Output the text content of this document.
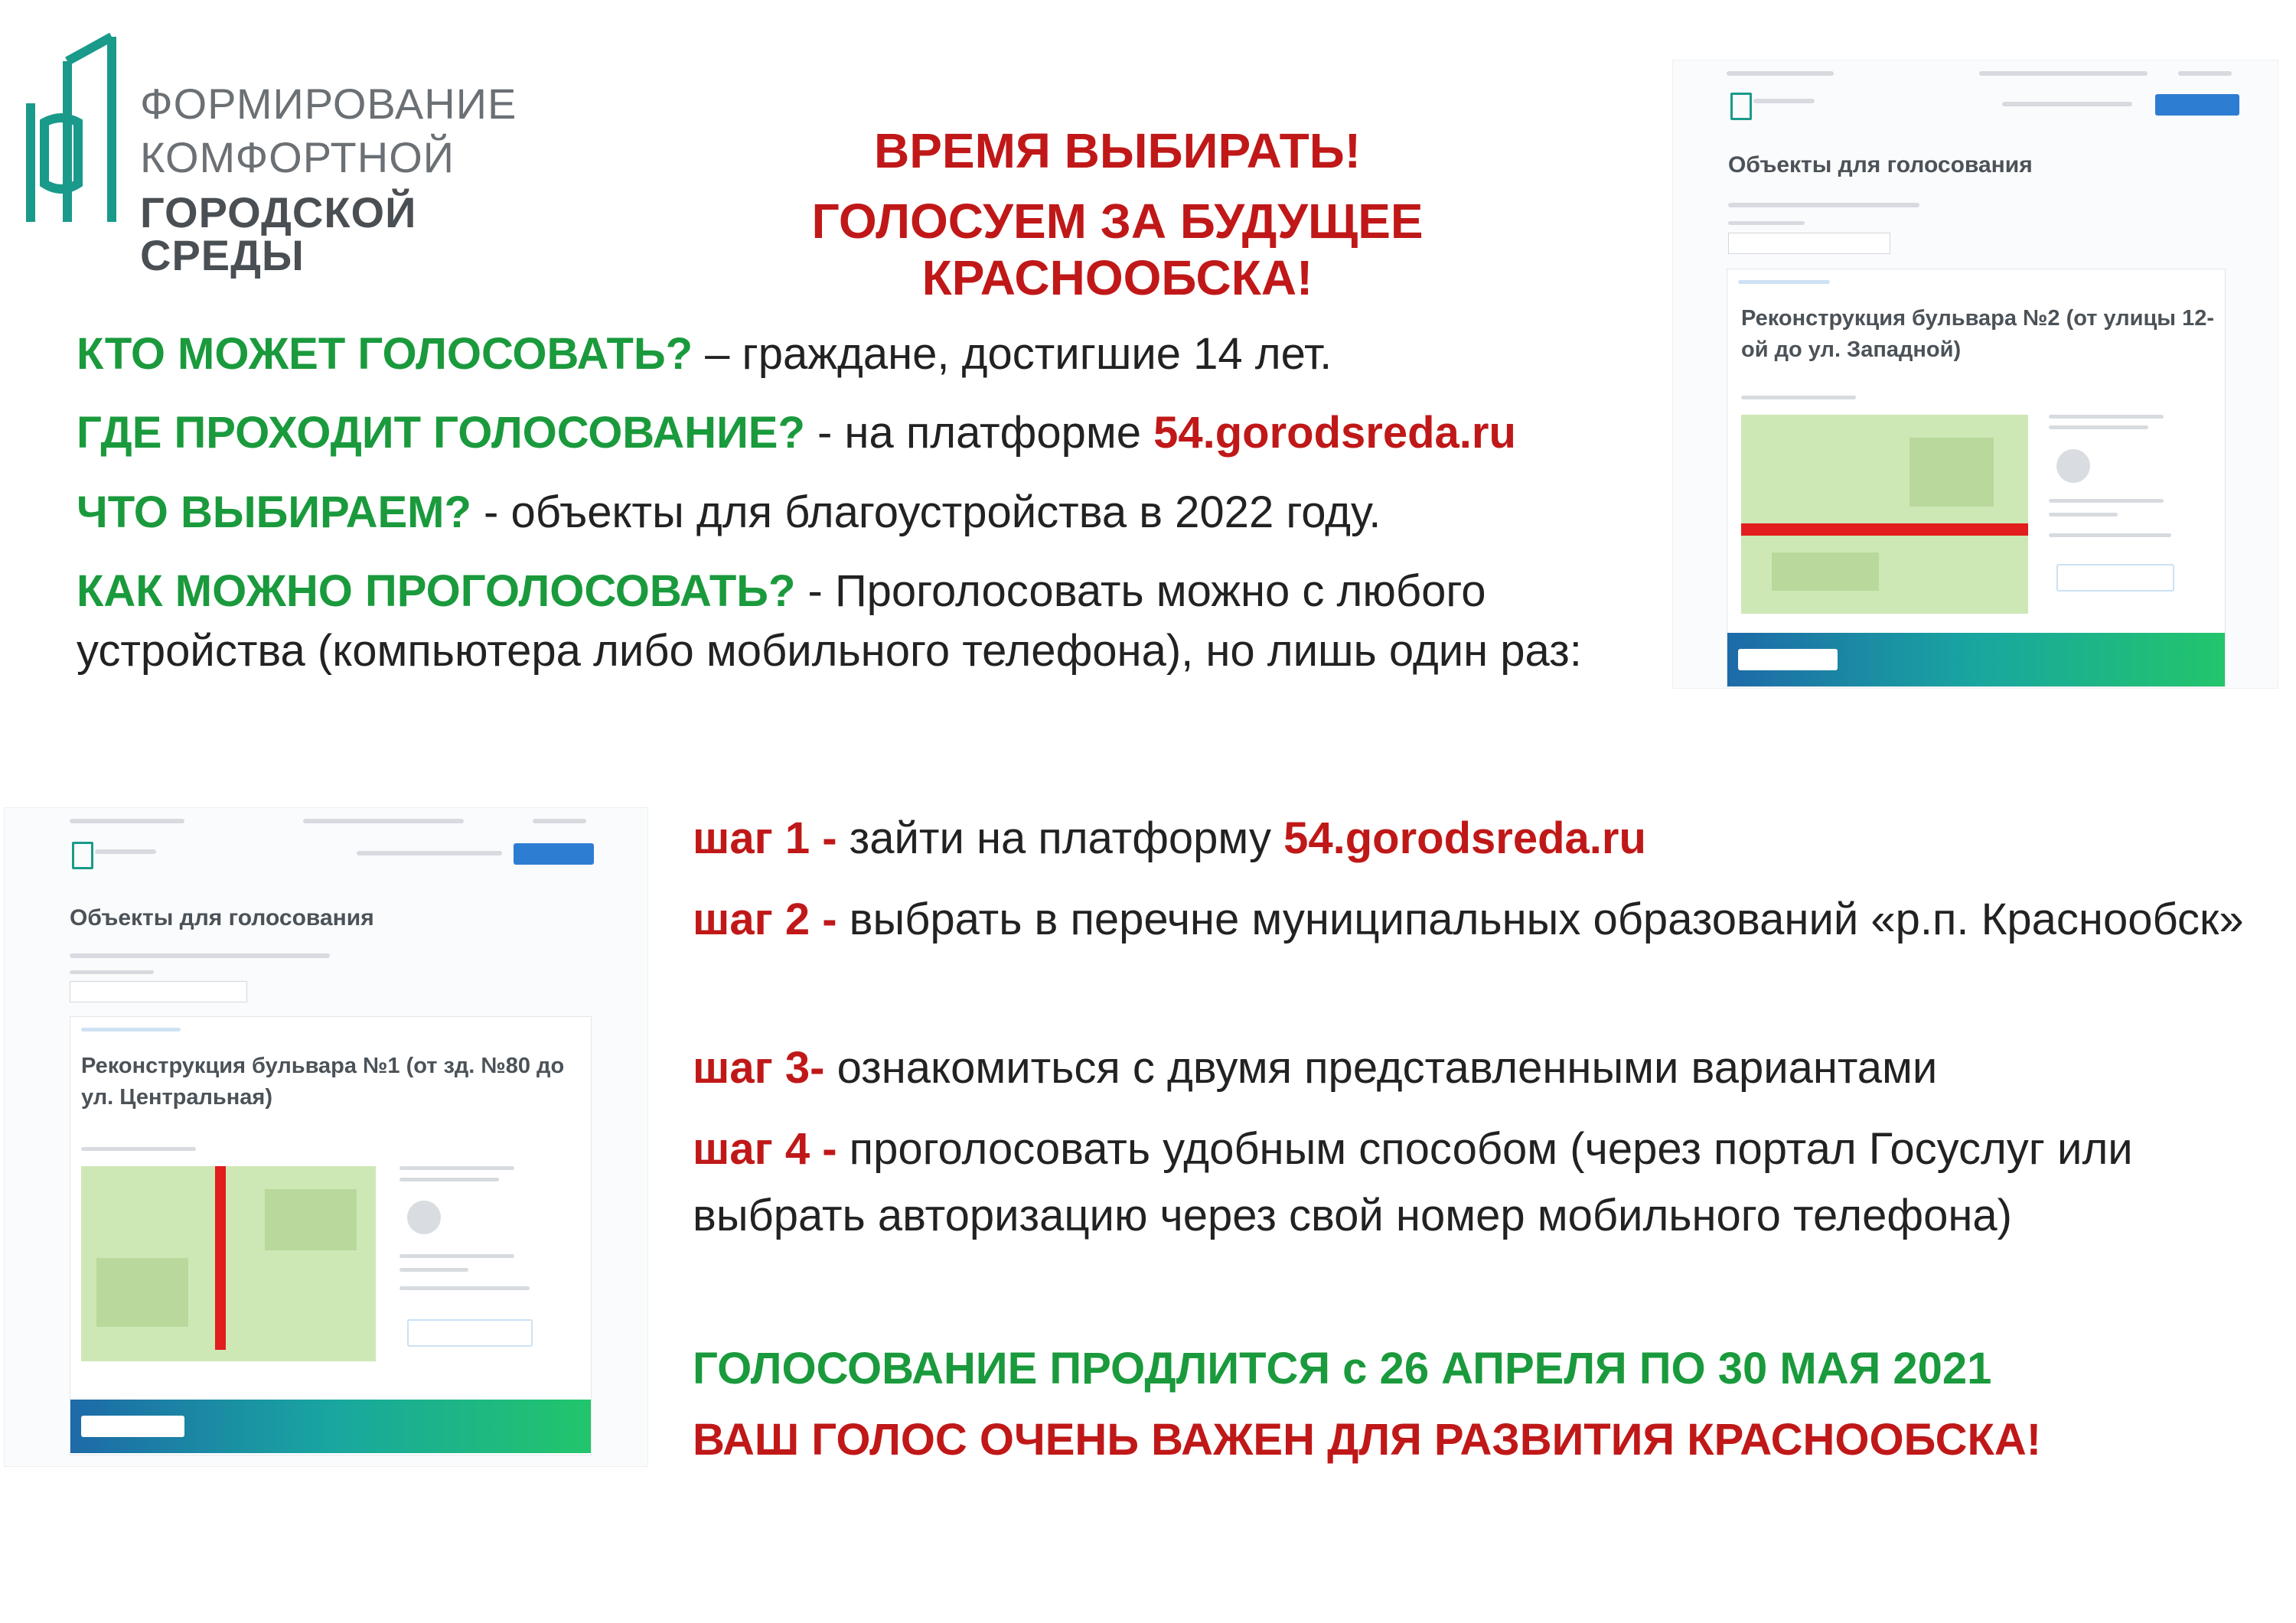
ФОРМИРОВАНИЕ
КОМФОРТНОЙ
ГОРОДСКОЙ СРЕДЫ
ВРЕМЯ ВЫБИРАТЬ!
ГОЛОСУЕМ ЗА БУДУЩЕЕ КРАСНООБСКА!
КТО МОЖЕТ ГОЛОСОВАТЬ? – граждане, достигшие 14 лет.
ГДЕ ПРОХОДИТ ГОЛОСОВАНИЕ? - на платформе 54.gorodsreda.ru
ЧТО ВЫБИРАЕМ? - объекты для благоустройства в 2022 году.
КАК МОЖНО ПРОГОЛОСОВАТЬ? - Проголосовать можно с любого устройства (компьютера либо мобильного телефона), но лишь один раз:
шаг 1 - зайти на платформу 54.gorodsreda.ru
шаг 2 - выбрать в перечне муниципальных образований «р.п. Краснообск»
шаг 3- ознакомиться с двумя представленными вариантами
шаг 4 - проголосовать удобным способом (через портал Госуслуг или выбрать авторизацию через свой номер мобильного телефона)
ГОЛОСОВАНИЕ ПРОДЛИТСЯ с 26 АПРЕЛЯ ПО 30 МАЯ 2021
ВАШ ГОЛОС ОЧЕНЬ ВАЖЕН ДЛЯ РАЗВИТИЯ КРАСНООБСКА!
Объекты для голосования
Реконструкция бульвара №2 (от улицы 12-ой до ул. Западной)
Объекты для голосования
Реконструкция бульвара №1 (от зд. №80 до ул. Центральная)
